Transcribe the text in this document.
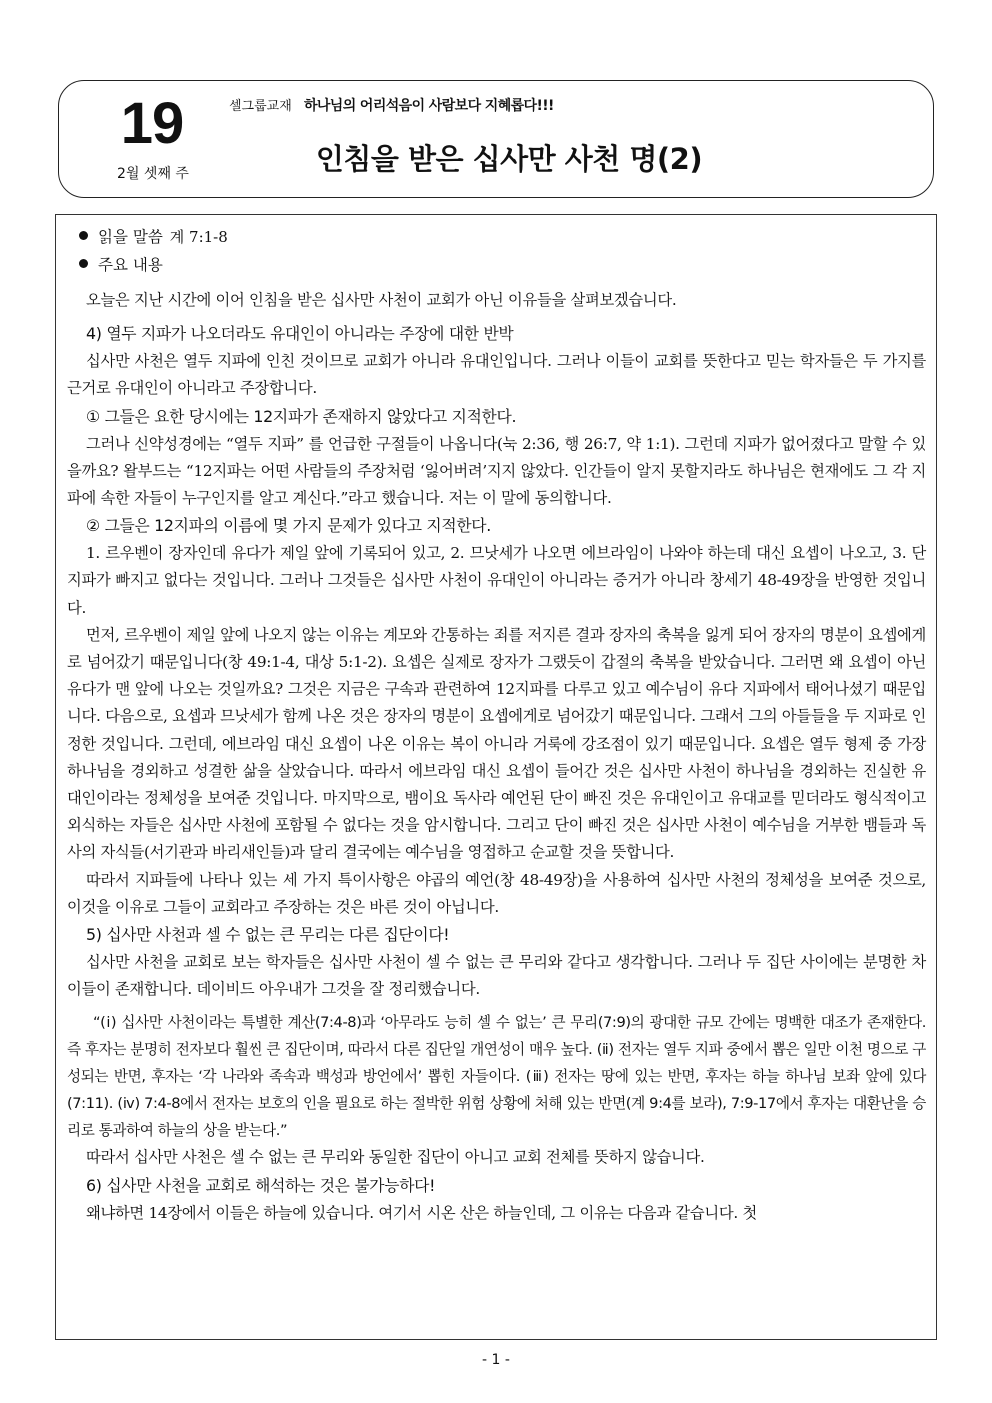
19
2월 셋째 주
셀그룹교재 하나님의 어리석음이 사람보다 지혜롭다!!!
인침을 받은 십사만 사천 명(2)
읽을 말씀 계 7:1-8
주요 내용

오늘은 지난 시간에 이어 인침을 받은 십사만 사천이 교회가 아닌 이유들을 살펴보겠습니다.

4) 열두 지파가 나오더라도 유대인이 아니라는 주장에 대한 반박

십사만 사천은 열두 지파에 인친 것이므로 교회가 아니라 유대인입니다. 그러나 이들이 교회를 뜻한다고 믿는 학자들은 두 가지를 근거로 유대인이 아니라고 주장합니다.

① 그들은 요한 당시에는 12지파가 존재하지 않았다고 지적한다.

그러나 신약성경에는 “열두 지파” 를 언급한 구절들이 나옵니다(눅 2:36, 행 26:7, 약 1:1). 그런데 지파가 없어졌다고 말할 수 있을까요? 왈부드는 “12지파는 어떤 사람들의 주장처럼 ‘잃어버려’지지 않았다. 인간들이 알지 못할지라도 하나님은 현재에도 그 각 지파에 속한 자들이 누구인지를 알고 계신다.”라고 했습니다. 저는 이 말에 동의합니다.

② 그들은 12지파의 이름에 몇 가지 문제가 있다고 지적한다.

1. 르우벤이 장자인데 유다가 제일 앞에 기록되어 있고, 2. 므낫세가 나오면 에브라임이 나와야 하는데 대신 요셉이 나오고, 3. 단 지파가 빠지고 없다는 것입니다. 그러나 그것들은 십사만 사천이 유대인이 아니라는 증거가 아니라 창세기 48-49장을 반영한 것입니다.

먼저, 르우벤이 제일 앞에 나오지 않는 이유는 계모와 간통하는 죄를 저지른 결과 장자의 축복을 잃게 되어 장자의 명분이 요셉에게로 넘어갔기 때문입니다(창 49:1-4, 대상 5:1-2). 요셉은 실제로 장자가 그랬듯이 갑절의 축복을 받았습니다. 그러면 왜 요셉이 아닌 유다가 맨 앞에 나오는 것일까요? 그것은 지금은 구속과 관련하여 12지파를 다루고 있고 예수님이 유다 지파에서 태어나셨기 때문입니다. 다음으로, 요셉과 므낫세가 함께 나온 것은 장자의 명분이 요셉에게로 넘어갔기 때문입니다. 그래서 그의 아들들을 두 지파로 인정한 것입니다. 그런데, 에브라임 대신 요셉이 나온 이유는 복이 아니라 거룩에 강조점이 있기 때문입니다. 요셉은 열두 형제 중 가장 하나님을 경외하고 성결한 삶을 살았습니다. 따라서 에브라임 대신 요셉이 들어간 것은 십사만 사천이 하나님을 경외하는 진실한 유대인이라는 정체성을 보여준 것입니다. 마지막으로, 뱀이요 독사라 예언된 단이 빠진 것은 유대인이고 유대교를 믿더라도 형식적이고 외식하는 자들은 십사만 사천에 포함될 수 없다는 것을 암시합니다. 그리고 단이 빠진 것은 십사만 사천이 예수님을 거부한 뱀들과 독사의 자식들(서기관과 바리새인들)과 달리 결국에는 예수님을 영접하고 순교할 것을 뜻합니다.

따라서 지파들에 나타나 있는 세 가지 특이사항은 야곱의 예언(창 48-49장)을 사용하여 십사만 사천의 정체성을 보여준 것으로, 이것을 이유로 그들이 교회라고 주장하는 것은 바른 것이 아닙니다.

5) 십사만 사천과 셀 수 없는 큰 무리는 다른 집단이다!

십사만 사천을 교회로 보는 학자들은 십사만 사천이 셀 수 없는 큰 무리와 같다고 생각합니다. 그러나 두 집단 사이에는 분명한 차이들이 존재합니다. 데이비드 아우내가 그것을 잘 정리했습니다.

“(ⅰ) 십사만 사천이라는 특별한 계산(7:4-8)과 ‘아무라도 능히 셀 수 없는’ 큰 무리(7:9)의 광대한 규모 간에는 명백한 대조가 존재한다. 즉 후자는 분명히 전자보다 훨씬 큰 집단이며, 따라서 다른 집단일 개연성이 매우 높다. (ⅱ) 전자는 열두 지파 중에서 뽑은 일만 이천 명으로 구성되는 반면, 후자는 ‘각 나라와 족속과 백성과 방언에서’ 뽑힌 자들이다. (ⅲ) 전자는 땅에 있는 반면, 후자는 하늘 하나님 보좌 앞에 있다(7:11). (ⅳ) 7:4-8에서 전자는 보호의 인을 필요로 하는 절박한 위험 상황에 처해 있는 반면(계 9:4를 보라), 7:9-17에서 후자는 대환난을 승리로 통과하여 하늘의 상을 받는다.”

따라서 십사만 사천은 셀 수 없는 큰 무리와 동일한 집단이 아니고 교회 전체를 뜻하지 않습니다.

6) 십사만 사천을 교회로 해석하는 것은 불가능하다!

왜냐하면 14장에서 이들은 하늘에 있습니다. 여기서 시온 산은 하늘인데, 그 이유는 다음과 같습니다. 첫

- 1 -
